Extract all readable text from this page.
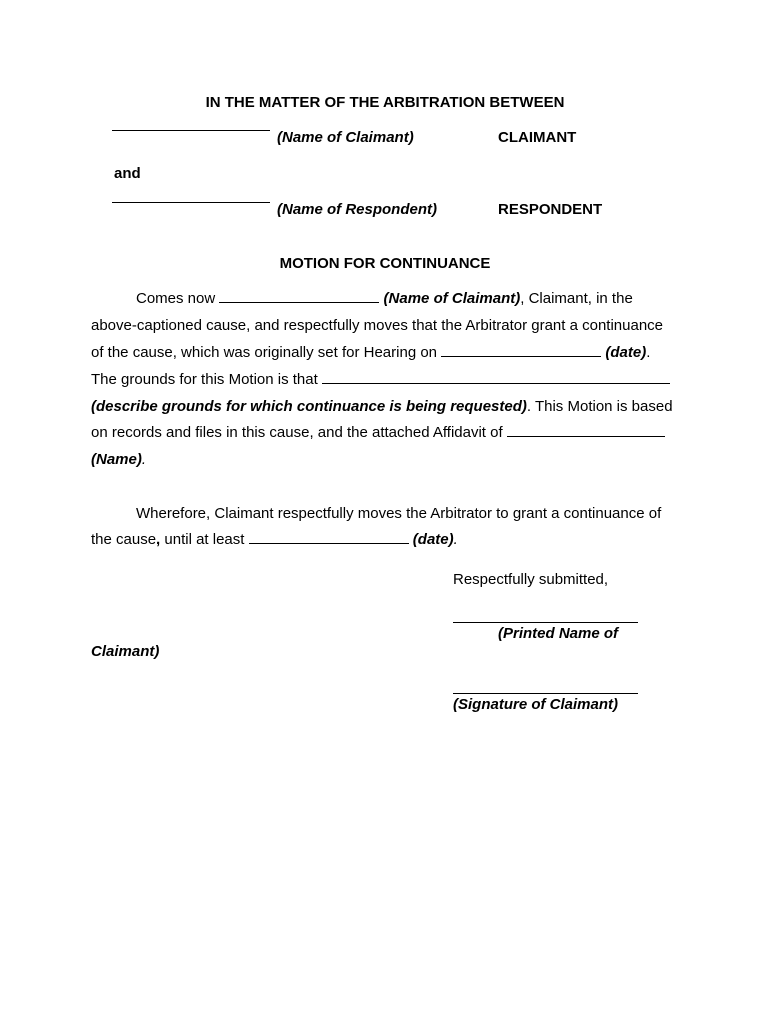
IN THE MATTER OF THE ARBITRATION BETWEEN
(Name of Claimant)	CLAIMANT
and
(Name of Respondent)	RESPONDENT
MOTION FOR CONTINUANCE
Comes now	(Name of Claimant), Claimant, in the
above-captioned cause, and respectfully moves that the Arbitrator grant a continuance
of the cause, which was originally set for Hearing on	(date).
The grounds for this Motion is that
(describe grounds for which continuance is being requested). This Motion is based
on records and files in this cause, and the attached Affidavit of
(Name).
Wherefore, Claimant respectfully moves the Arbitrator to grant a continuance of
the cause, until at least	(date).
Respectfully submitted,
(Printed Name of
Claimant)
(Signature of Claimant)
